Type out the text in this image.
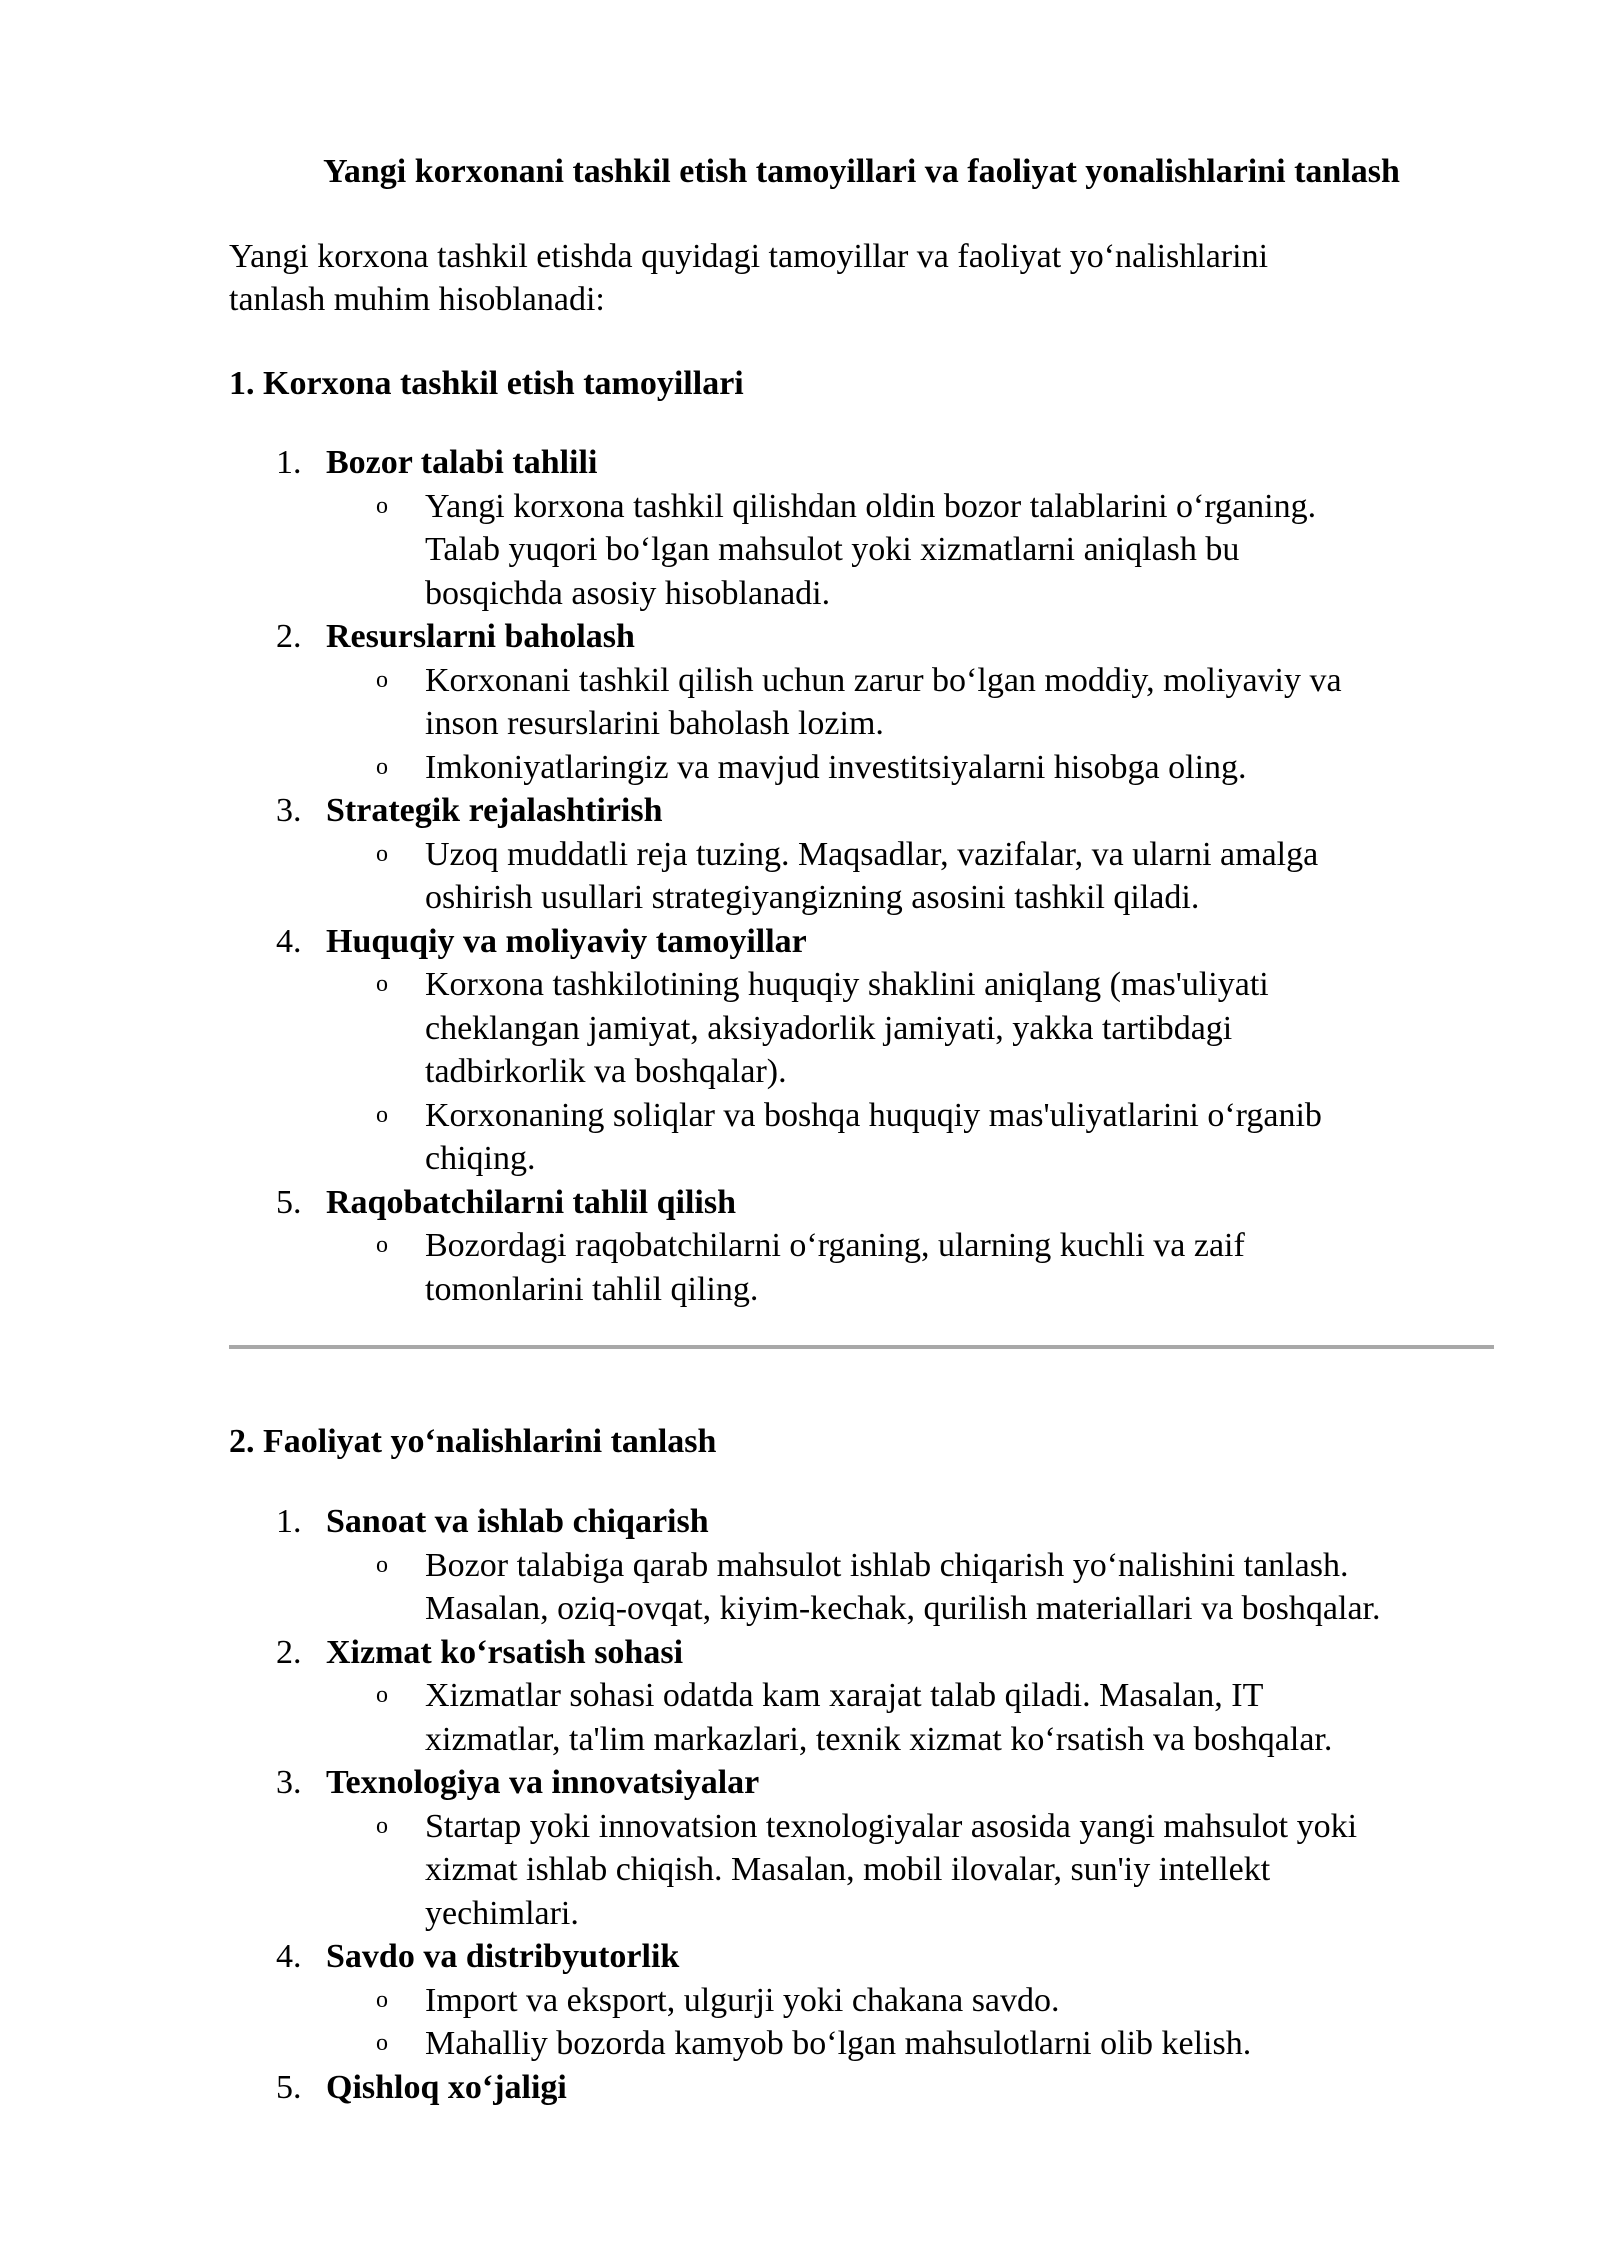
Yangi korxonani tashkil etish tamoyillari va faoliyat yonalishlarini tanlash
Yangi korxona tashkil etishda quyidagi tamoyillar va faoliyat yo‘nalishlarini
tanlash muhim hisoblanadi:
1. Korxona tashkil etish tamoyillari
1. Bozor talabi tahlili
o Yangi korxona tashkil qilishdan oldin bozor talablarini o‘rganing.
Talab yuqori bo‘lgan mahsulot yoki xizmatlarni aniqlash bu
bosqichda asosiy hisoblanadi.
2. Resurslarni baholash
o Korxonani tashkil qilish uchun zarur bo‘lgan moddiy, moliyaviy va
inson resurslarini baholash lozim.
o Imkoniyatlaringiz va mavjud investitsiyalarni hisobga oling.
3. Strategik rejalashtirish
o Uzoq muddatli reja tuzing. Maqsadlar, vazifalar, va ularni amalga
oshirish usullari strategiyangizning asosini tashkil qiladi.
4. Huquqiy va moliyaviy tamoyillar
o Korxona tashkilotining huquqiy shaklini aniqlang (mas'uliyati
cheklangan jamiyat, aksiyadorlik jamiyati, yakka tartibdagi
tadbirkorlik va boshqalar).
o Korxonaning soliqlar va boshqa huquqiy mas'uliyatlarini o‘rganib
chiqing.
5. Raqobatchilarni tahlil qilish
o Bozordagi raqobatchilarni o‘rganing, ularning kuchli va zaif
tomonlarini tahlil qiling.
2. Faoliyat yo‘nalishlarini tanlash
1. Sanoat va ishlab chiqarish
o Bozor talabiga qarab mahsulot ishlab chiqarish yo‘nalishini tanlash.
Masalan, oziq-ovqat, kiyim-kechak, qurilish materiallari va boshqalar.
2. Xizmat ko‘rsatish sohasi
o Xizmatlar sohasi odatda kam xarajat talab qiladi. Masalan, IT
xizmatlar, ta'lim markazlari, texnik xizmat ko‘rsatish va boshqalar.
3. Texnologiya va innovatsiyalar
o Startap yoki innovatsion texnologiyalar asosida yangi mahsulot yoki
xizmat ishlab chiqish. Masalan, mobil ilovalar, sun'iy intellekt
yechimlari.
4. Savdo va distribyutorlik
o Import va eksport, ulgurji yoki chakana savdo.
o Mahalliy bozorda kamyob bo‘lgan mahsulotlarni olib kelish.
5. Qishloq xo‘jaligi
